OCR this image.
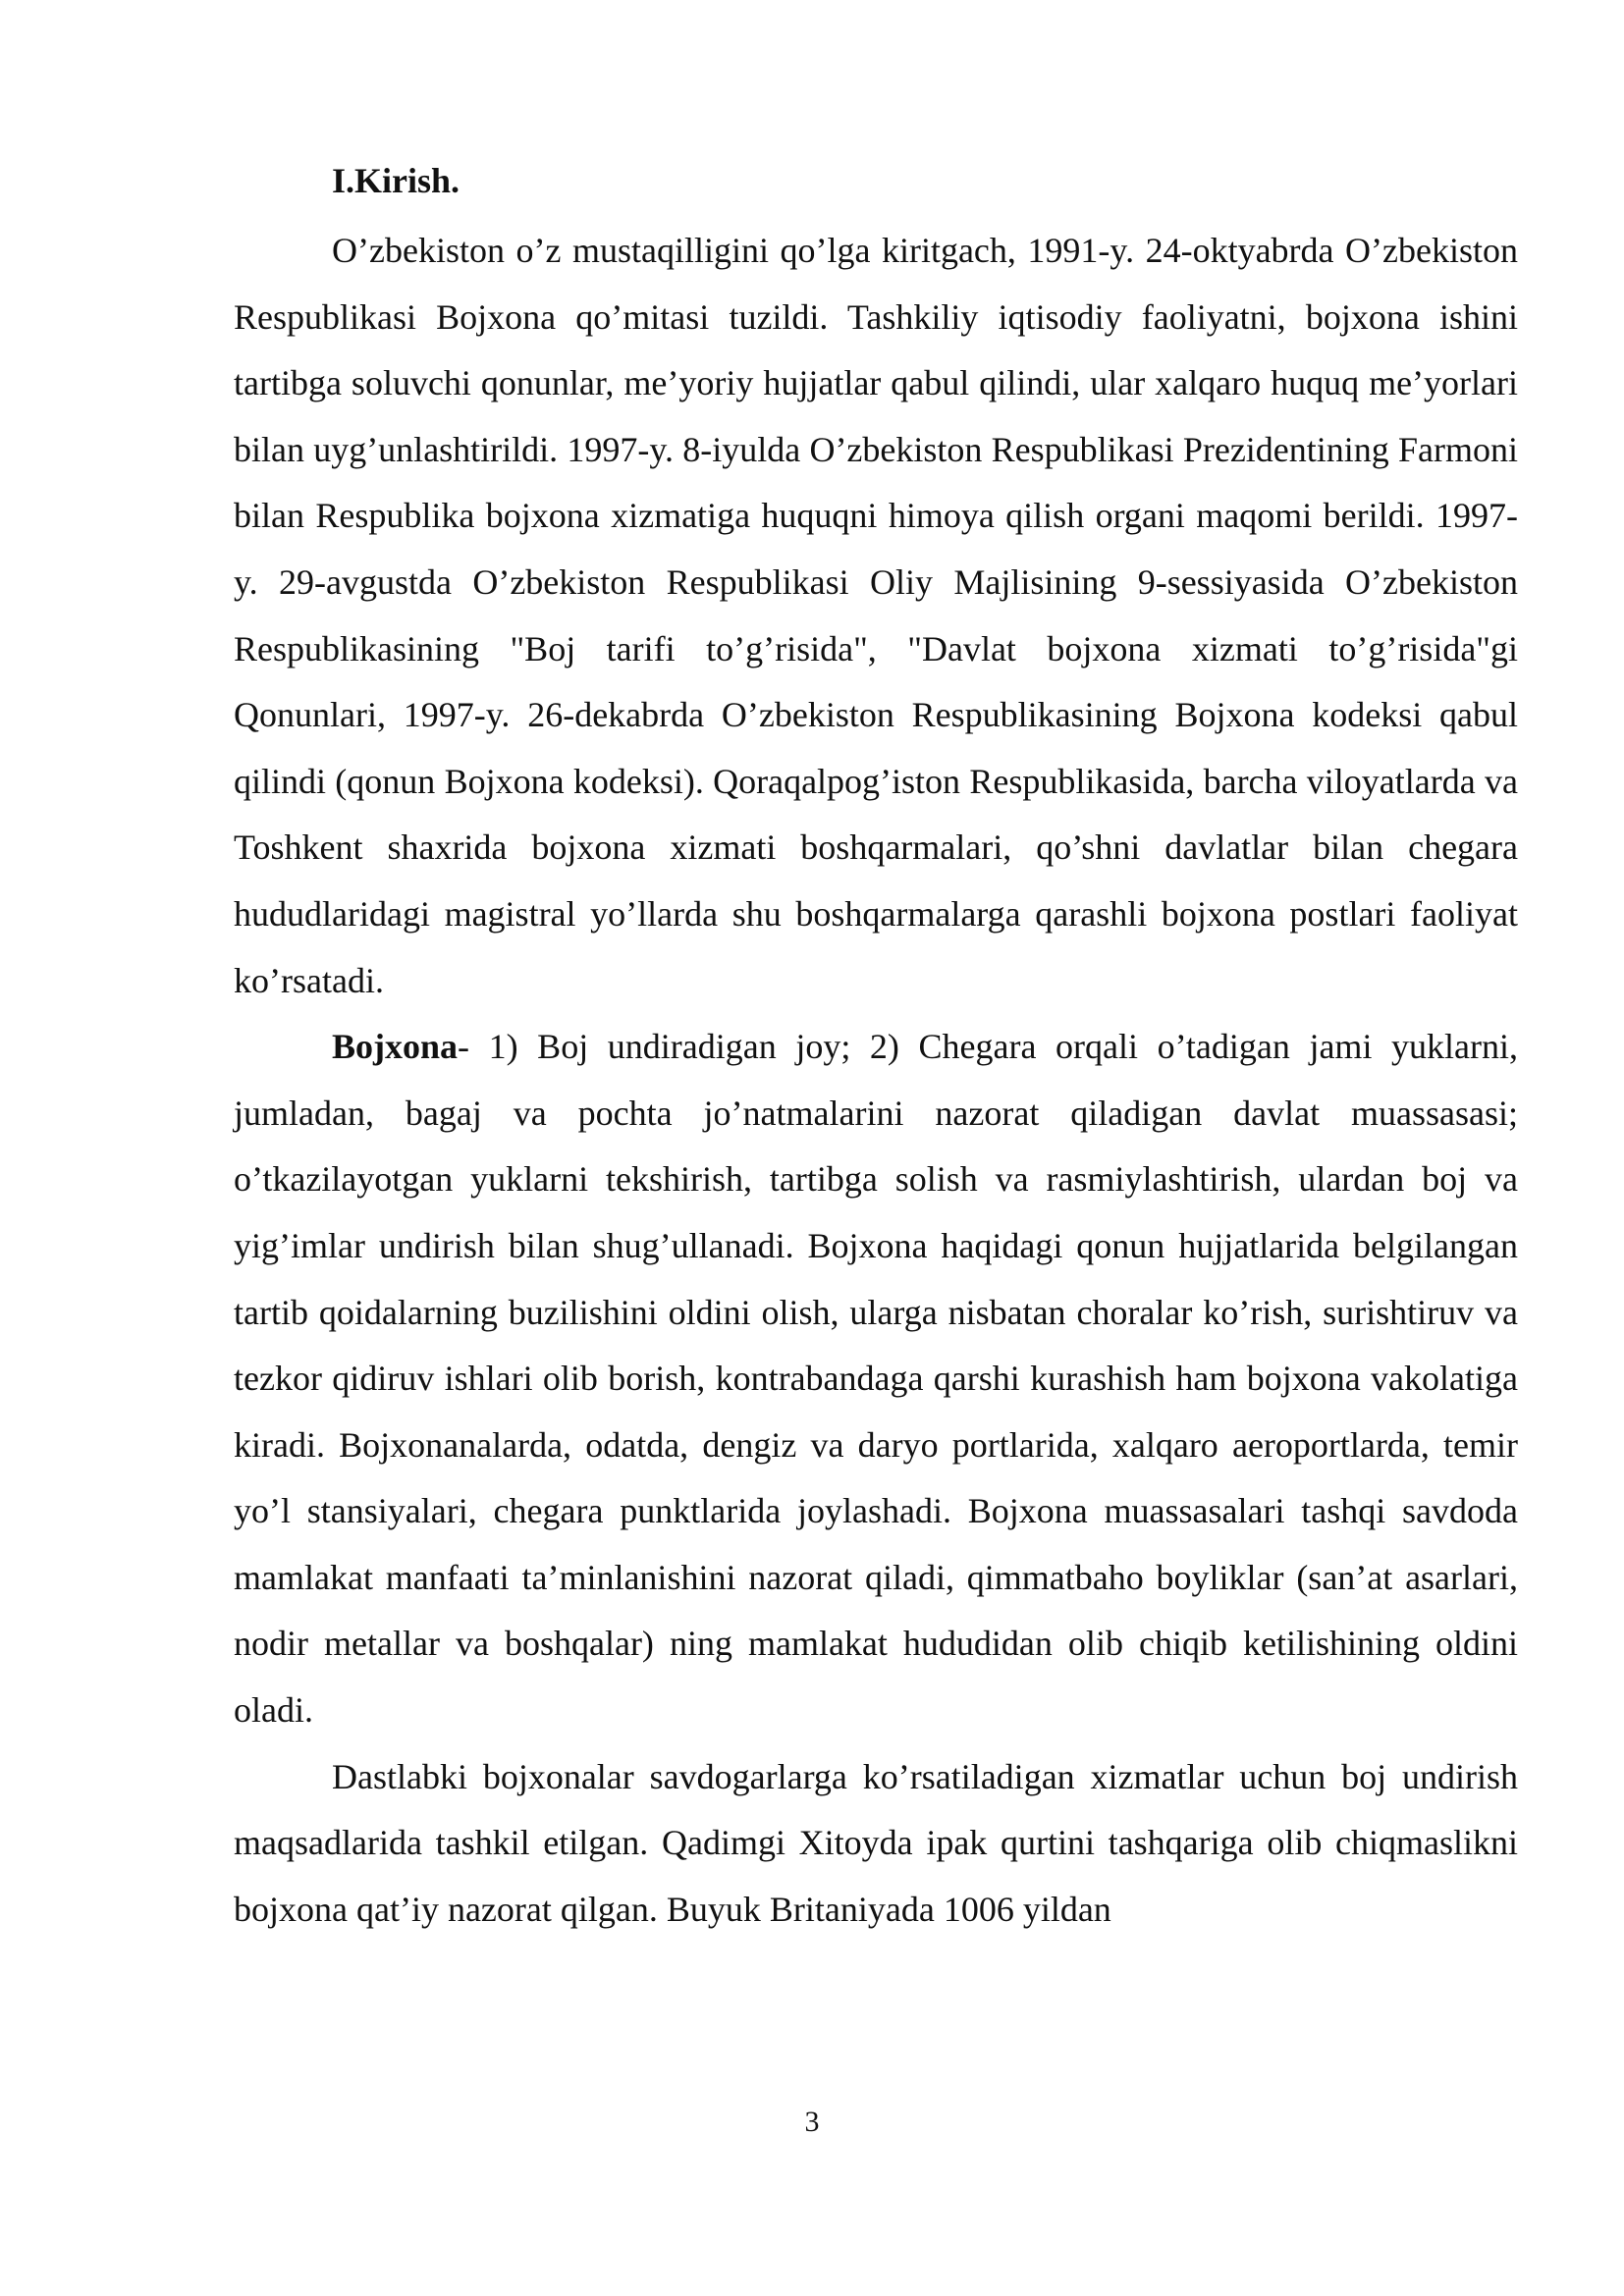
I.Kirish.

O’zbekiston o’z mustaqilligini qo’lga kiritgach, 1991-y. 24-oktyabrda O’zbekiston Respublikasi Bojxona qo’mitasi tuzildi. Tashkiliy iqtisodiy faoliyatni, bojxona ishini tartibga soluvchi qonunlar, me’yoriy hujjatlar qabul qilindi, ular xalqaro huquq me’yorlari bilan uyg’unlashtirildi. 1997-y. 8-iyulda O’zbekiston Respublikasi Prezidentining Farmoni bilan Respublika bojxona xizmatiga huquqni himoya qilish organi maqomi berildi. 1997-y. 29-avgustda O’zbekiston Respublikasi Oliy Majlisining 9-sessiyasida O’zbekiston Respublikasining "Boj tarifi to’g’risida", "Davlat bojxona xizmati to’g’risida"gi Qonunlari, 1997-y. 26-dekabrda O’zbekiston Respublikasining Bojxona kodeksi qabul qilindi (qonun Bojxona kodeksi). Qoraqalpog’iston Respublikasida, barcha viloyatlarda va Toshkent shaxrida bojxona xizmati boshqarmalari, qo’shni davlatlar bilan chegara hududlaridagi magistral yo’llarda shu boshqarmalarga qarashli bojxona postlari faoliyat ko’rsatadi.

Bojxona- 1) Boj undiradigan joy; 2) Chegara orqali o’tadigan jami yuklarni, jumladan, bagaj va pochta jo’natmalarini nazorat qiladigan davlat muassasasi; o’tkazilayotgan yuklarni tekshirish, tartibga solish va rasmiylashtirish, ulardan boj va yig’imlar undirish bilan shug’ullanadi. Bojxona haqidagi qonun hujjatlarida belgilangan tartib qoidalarning buzilishini oldini olish, ularga nisbatan choralar ko’rish, surishtiruv va tezkor qidiruv ishlari olib borish, kontrabandaga qarshi kurashish ham bojxona vakolatiga kiradi. Bojxonanalarda, odatda, dengiz va daryo portlarida, xalqaro aeroportlarda, temir yo’l stansiyalari, chegara punktlarida joylashadi. Bojxona muassasalari tashqi savdoda mamlakat manfaati ta’minlanishini nazorat qiladi, qimmatbaho boyliklar (san’at asarlari, nodir metallar va boshqalar) ning mamlakat hududidan olib chiqib ketilishining oldini oladi.

Dastlabki bojxonalar savdogarlarga ko’rsatiladigan xizmatlar uchun boj undirish maqsadlarida tashkil etilgan. Qadimgi Xitoyda ipak qurtini tashqariga olib chiqmaslikni bojxona qat’iy nazorat qilgan. Buyuk Britaniyada 1006 yildan

3
